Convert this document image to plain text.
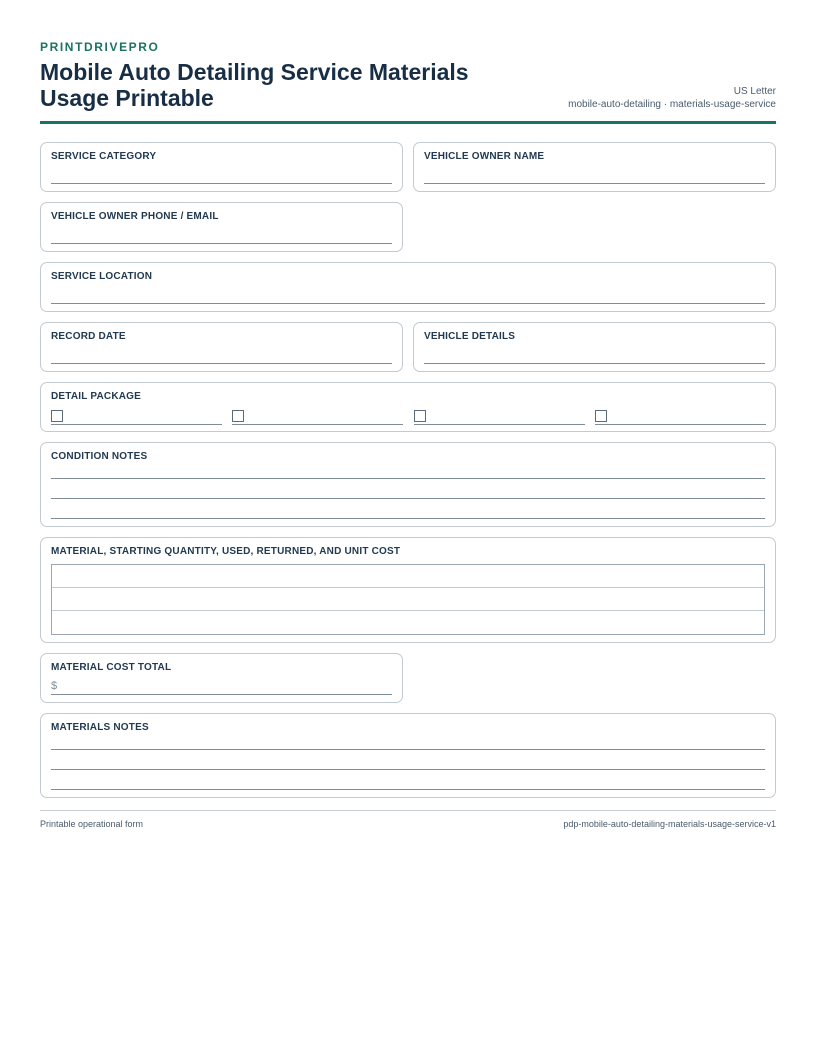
PRINTDRIVEPRO
Mobile Auto Detailing Service Materials Usage Printable	US Letter
mobile-auto-detailing · materials-usage-service
SERVICE CATEGORY	VEHICLE OWNER NAME
VEHICLE OWNER PHONE / EMAIL
SERVICE LOCATION
RECORD DATE	VEHICLE DETAILS
DETAIL PACKAGE
CONDITION NOTES
MATERIAL, STARTING QUANTITY, USED, RETURNED, AND UNIT COST
MATERIAL COST TOTAL
$
MATERIALS NOTES
Printable operational form	pdp-mobile-auto-detailing-materials-usage-service-v1
